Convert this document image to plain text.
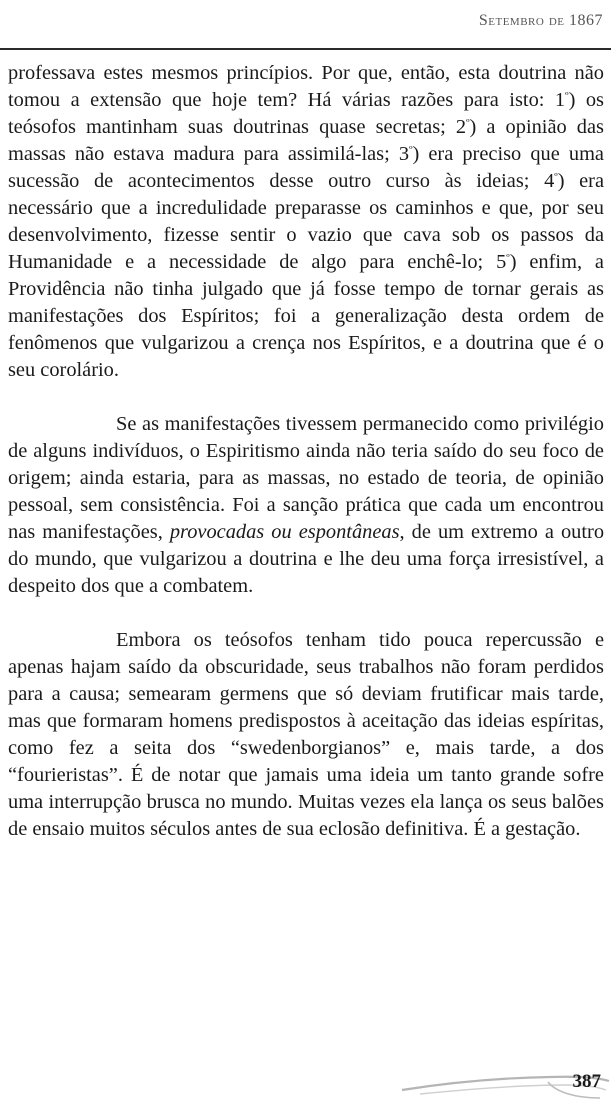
Setembro de 1867

professava estes mesmos princípios. Por que, então, esta doutrina não tomou a extensão que hoje tem? Há várias razões para isto: $1^º$) os teósofos mantinham suas doutrinas quase secretas; $2^º$) a opinião das massas não estava madura para assimilá-las; $3^º$) era preciso que uma sucessão de acontecimentos desse outro curso às ideias; $4^º$) era necessário que a incredulidade preparasse os caminhos e que, por seu desenvolvimento, fizesse sentir o vazio que cava sob os passos da Humanidade e a necessidade de algo para enchê-lo; $5^º$) enfim, a Providência não tinha julgado que já fosse tempo de tornar gerais as manifestações dos Espíritos; foi a generalização desta ordem de fenômenos que vulgarizou a crença nos Espíritos, e a doutrina que é o seu corolário.

Se as manifestações tivessem permanecido como privilégio de alguns indivíduos, o Espiritismo ainda não teria saído do seu foco de origem; ainda estaria, para as massas, no estado de teoria, de opinião pessoal, sem consistência. Foi a sanção prática que cada um encontrou nas manifestações, provocadas ou espontâneas, de um extremo a outro do mundo, que vulgarizou a doutrina e lhe deu uma força irresistível, a despeito dos que a combatem.

Embora os teósofos tenham tido pouca repercussão e apenas hajam saído da obscuridade, seus trabalhos não foram perdidos para a causa; semearam germens que só deviam frutificar mais tarde, mas que formaram homens predispostos à aceitação das ideias espíritas, como fez a seita dos “swedenborgianos” e, mais tarde, a dos “fourieristas”. É de notar que jamais uma ideia um tanto grande sofre uma interrupção brusca no mundo. Muitas vezes ela lança os seus balões de ensaio muitos séculos antes de sua eclosão definitiva. É a gestação.

387
